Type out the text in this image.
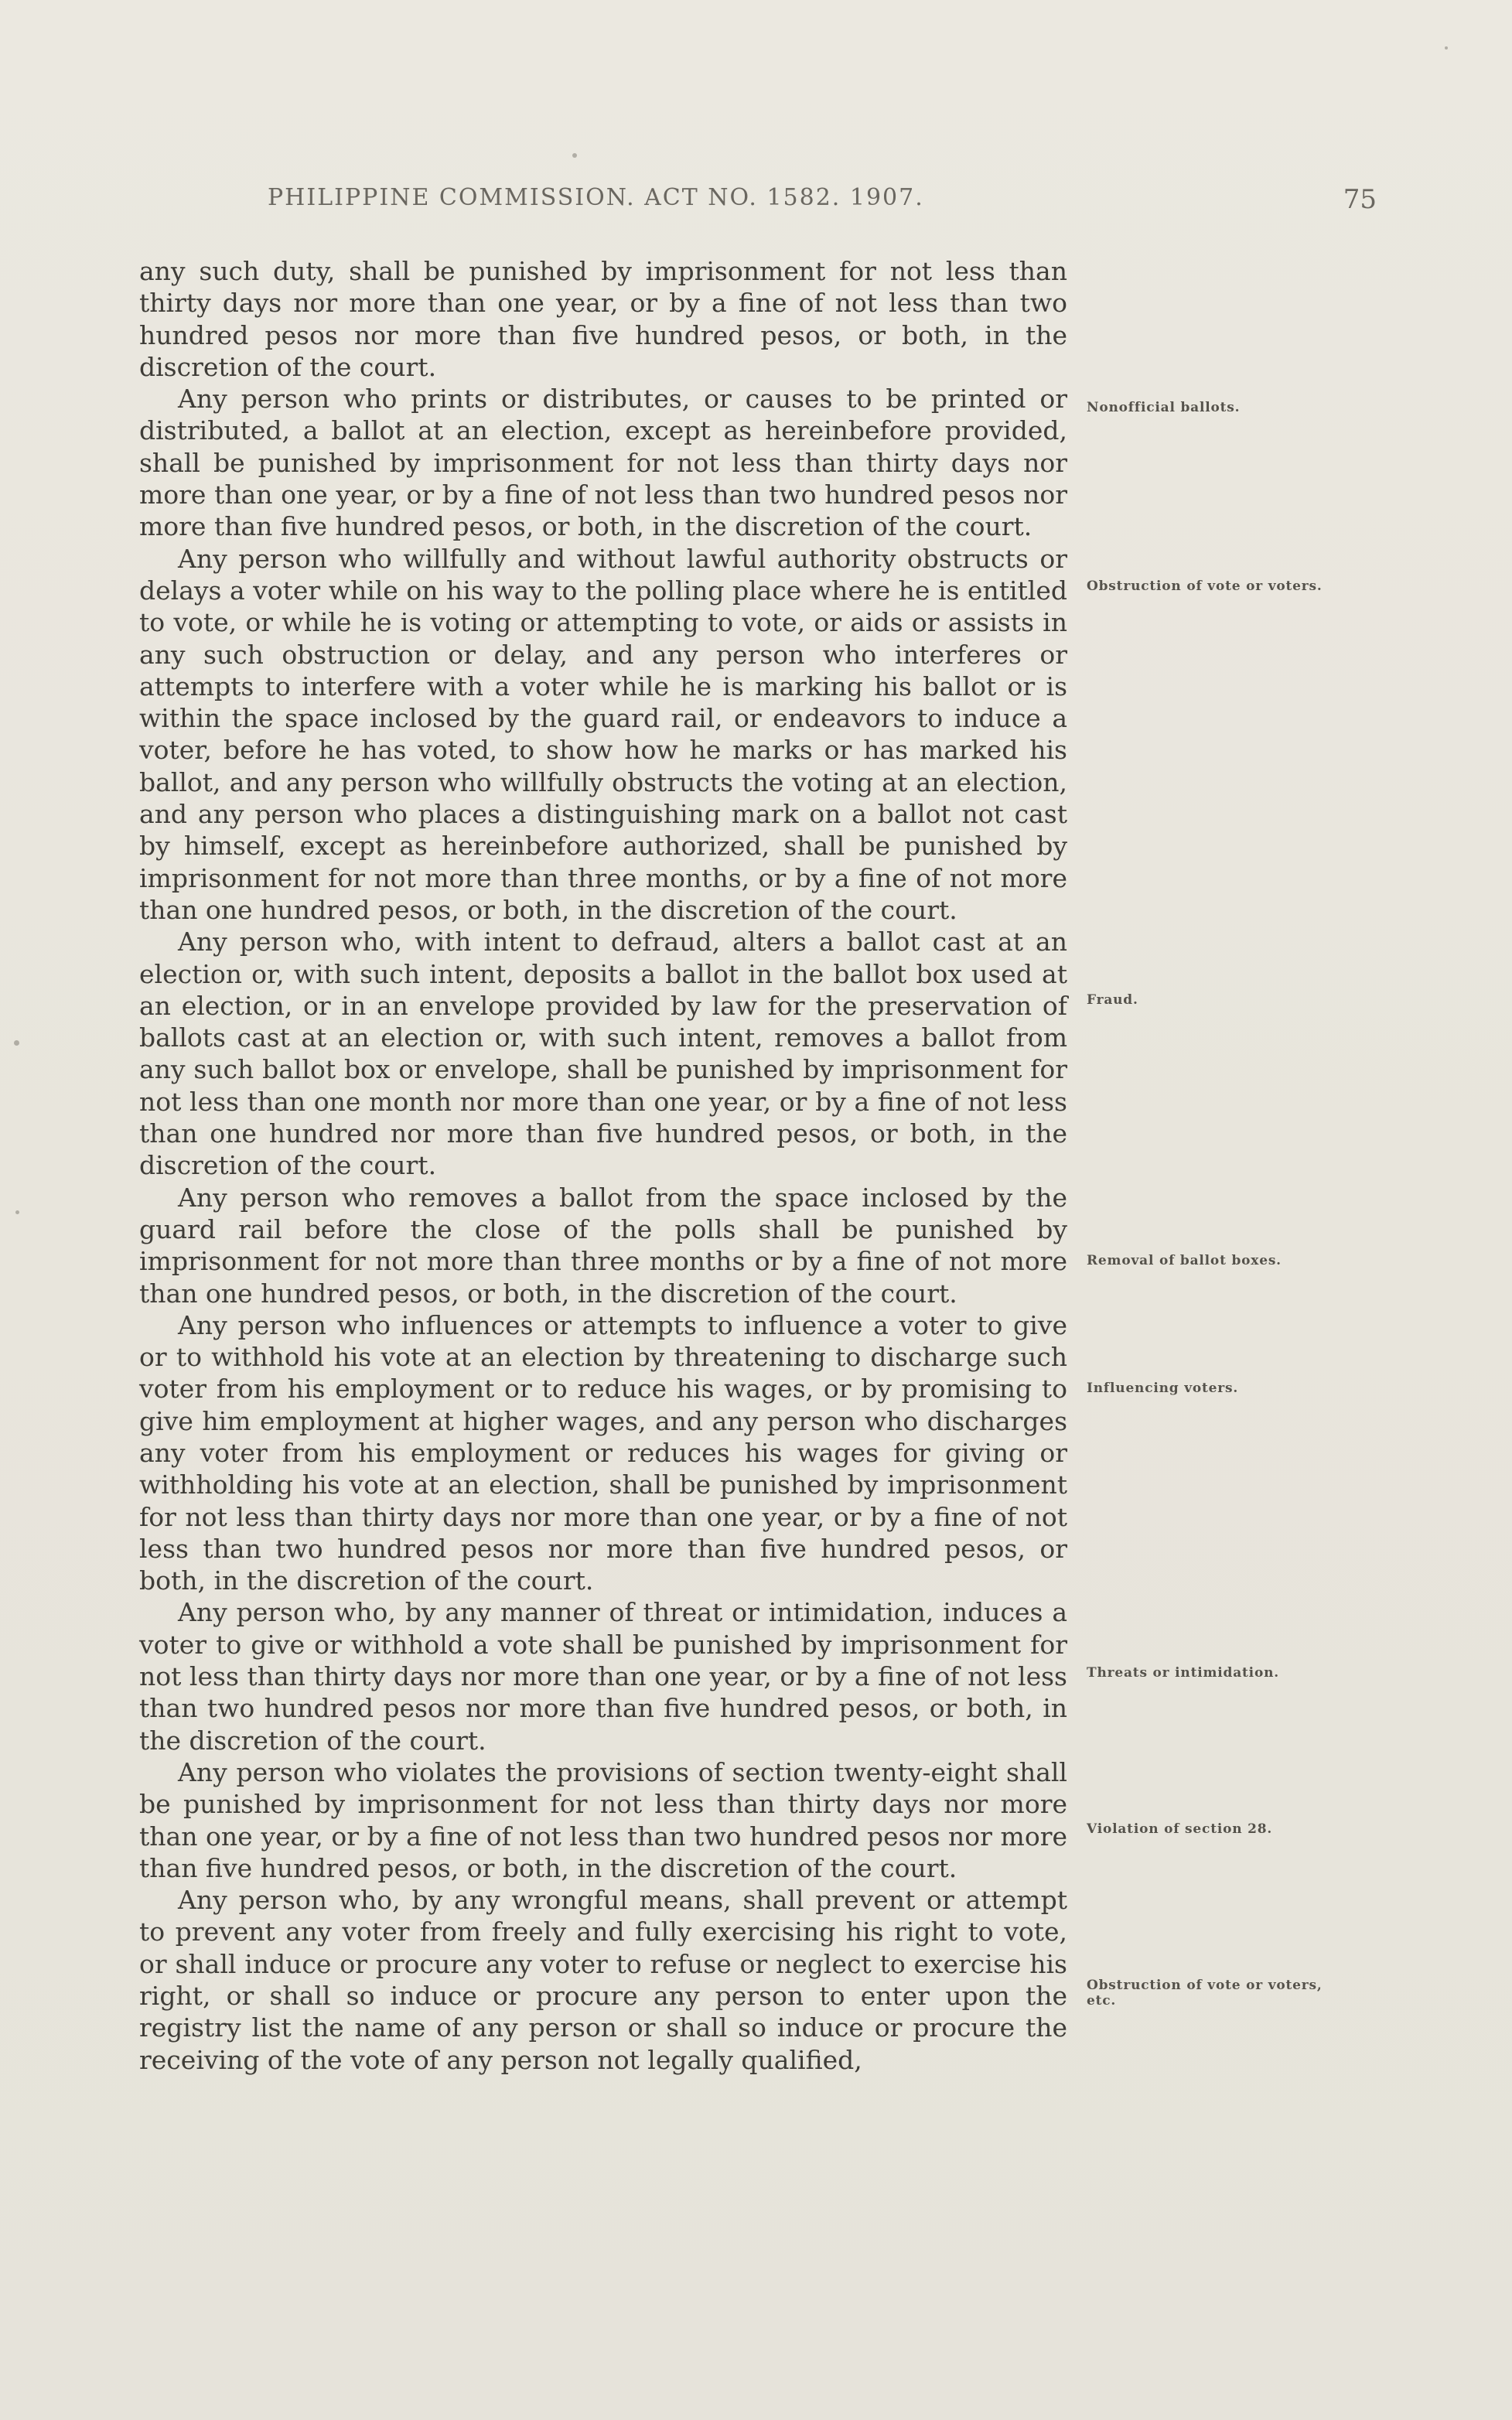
PHILIPPINE COMMISSION. ACT NO. 1582. 1907.	75

any such duty, shall be punished by imprisonment for not less than thirty days nor more than one year, or by a fine of not less than two hundred pesos nor more than five hundred pesos, or both, in the discretion of the court.

Any person who prints or distributes, or causes to be printed or distributed, a ballot at an election, except as hereinbefore provided, shall be punished by imprisonment for not less than thirty days nor more than one year, or by a fine of not less than two hundred pesos nor more than five hundred pesos, or both, in the discretion of the court.

Any person who willfully and without lawful authority obstructs or delays a voter while on his way to the polling place where he is entitled to vote, or while he is voting or attempting to vote, or aids or assists in any such obstruction or delay, and any person who interferes or attempts to interfere with a voter while he is marking his ballot or is within the space inclosed by the guard rail, or endeavors to induce a voter, before he has voted, to show how he marks or has marked his ballot, and any person who willfully obstructs the voting at an election, and any person who places a distinguishing mark on a ballot not cast by himself, except as hereinbefore authorized, shall be punished by imprisonment for not more than three months, or by a fine of not more than one hundred pesos, or both, in the discretion of the court.

Any person who, with intent to defraud, alters a ballot cast at an election or, with such intent, deposits a ballot in the ballot box used at an election, or in an envelope provided by law for the preservation of ballots cast at an election or, with such intent, removes a ballot from any such ballot box or envelope, shall be punished by imprisonment for not less than one month nor more than one year, or by a fine of not less than one hundred nor more than five hundred pesos, or both, in the discretion of the court.

Any person who removes a ballot from the space inclosed by the guard rail before the close of the polls shall be punished by imprisonment for not more than three months or by a fine of not more than one hundred pesos, or both, in the discretion of the court.

Any person who influences or attempts to influence a voter to give or to withhold his vote at an election by threatening to discharge such voter from his employment or to reduce his wages, or by promising to give him employment at higher wages, and any person who discharges any voter from his employment or reduces his wages for giving or withholding his vote at an election, shall be punished by imprisonment for not less than thirty days nor more than one year, or by a fine of not less than two hundred pesos nor more than five hundred pesos, or both, in the discretion of the court.

Any person who, by any manner of threat or intimidation, induces a voter to give or withhold a vote shall be punished by imprisonment for not less than thirty days nor more than one year, or by a fine of not less than two hundred pesos nor more than five hundred pesos, or both, in the discretion of the court.

Any person who violates the provisions of section twenty-eight shall be punished by imprisonment for not less than thirty days nor more than one year, or by a fine of not less than two hundred pesos nor more than five hundred pesos, or both, in the discretion of the court.

Any person who, by any wrongful means, shall prevent or attempt to prevent any voter from freely and fully exercising his right to vote, or shall induce or procure any voter to refuse or neglect to exercise his right, or shall so induce or procure any person to enter upon the registry list the name of any person or shall so induce or procure the receiving of the vote of any person not legally qualified,

Nonofficial ballots.
Obstruction of vote or voters.
Fraud.
Removal of ballot boxes.
Influencing voters.
Threats or intimidation.
Violation of section 28.
Obstruction of vote or voters, etc.
